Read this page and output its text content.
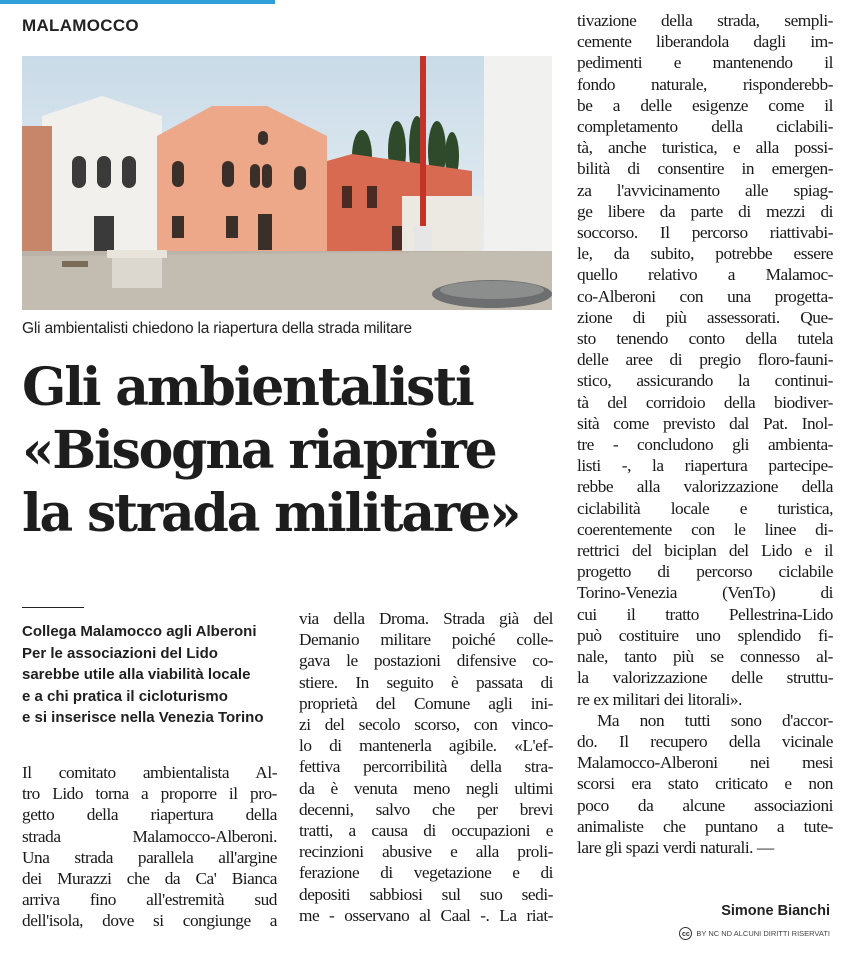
MALAMOCCO
Gli ambientalisti chiedono la riapertura della strada militare
Gli ambientalisti
«Bisogna riaprire
la strada militare»
Collega Malamocco agli Alberoni
Per le associazioni del Lido
sarebbe utile alla viabilità locale
e a chi pratica il cicloturismo
e si inserisce nella Venezia Torino
Il comitato ambientalista Al-
tro Lido torna a proporre il pro-
getto della riapertura della
strada Malamocco-Alberoni.
Una strada parallela all'argine
dei Murazzi che da Ca' Bianca
arriva fino all'estremità sud
dell'isola, dove si congiunge a
via della Droma. Strada già del
Demanio militare poiché colle-
gava le postazioni difensive co-
stiere. In seguito è passata di
proprietà del Comune agli ini-
zi del secolo scorso, con vinco-
lo di mantenerla agibile. «L'ef-
fettiva percorribilità della stra-
da è venuta meno negli ultimi
decenni, salvo che per brevi
tratti, a causa di occupazioni e
recinzioni abusive e alla proli-
ferazione di vegetazione e di
depositi sabbiosi sul suo sedi-
me - osservano al Caal -. La riat-
tivazione della strada, sempli-
cemente liberandola dagli im-
pedimenti e mantenendo il
fondo naturale, risponderebb-
be a delle esigenze come il
completamento della ciclabili-
tà, anche turistica, e alla possi-
bilità di consentire in emergen-
za l'avvicinamento alle spiag-
ge libere da parte di mezzi di
soccorso. Il percorso riattivabi-
le, da subito, potrebbe essere
quello relativo a Malamoc-
co-Alberoni con una progetta-
zione di più assessorati. Que-
sto tenendo conto della tutela
delle aree di pregio floro-fauni-
stico, assicurando la continui-
tà del corridoio della biodiver-
sità come previsto dal Pat. Inol-
tre - concludono gli ambienta-
listi -, la riapertura partecipe-
rebbe alla valorizzazione della
ciclabilità locale e turistica,
coerentemente con le linee di-
rettrici del biciplan del Lido e il
progetto di percorso ciclabile
Torino-Venezia (VenTo) di
cui il tratto Pellestrina-Lido
può costituire uno splendido fi-
nale, tanto più se connesso al-
la valorizzazione delle struttu-
re ex militari dei litorali».
Ma non tutti sono d'accor-
do. Il recupero della vicinale
Malamocco-Alberoni nei mesi
scorsi era stato criticato e non
poco da alcune associazioni
animaliste che puntano a tute-
lare gli spazi verdi naturali. —
Simone Bianchi
cc BY NC ND ALCUNI DIRITTI RISERVATI
